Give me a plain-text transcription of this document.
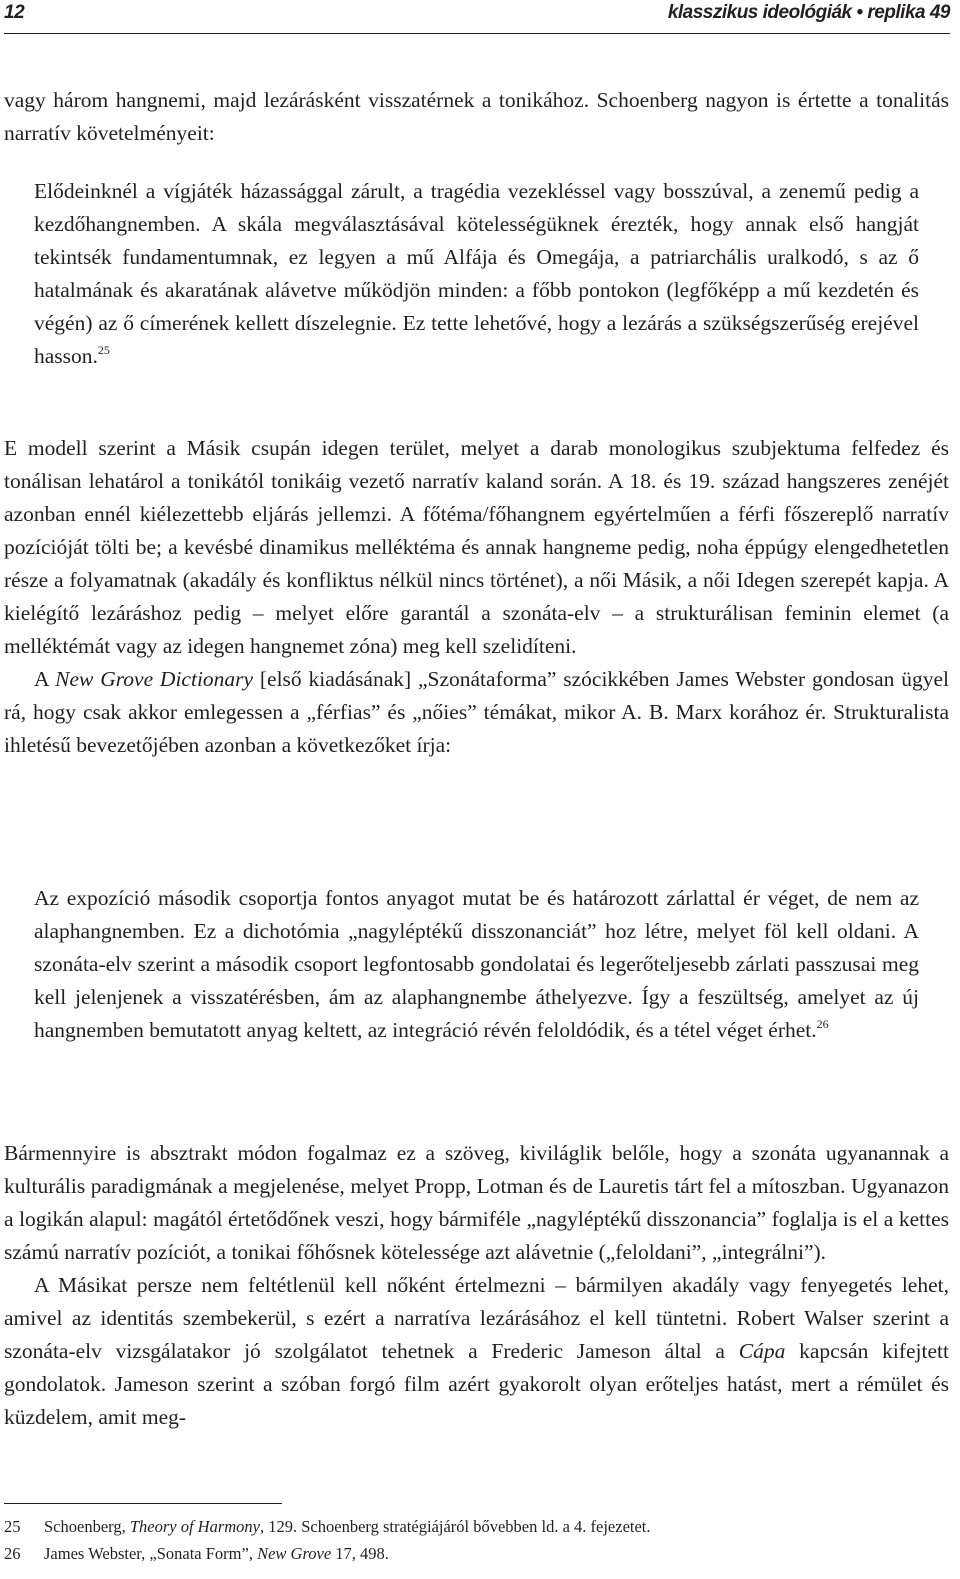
12	klasszikus ideológiák • replika 49

vagy három hangnemi, majd lezárásként visszatérnek a tonikához. Schoenberg nagyon is értette a tonalitás narratív követelményeit:

Elődeinknél a vígjáték házassággal zárult, a tragédia vezekléssel vagy bosszúval, a zenemű pedig a kezdőhangnemben. A skála megválasztásával kötelességüknek érezték, hogy annak első hangját tekintsék fundamentumnak, ez legyen a mű Alfája és Omegája, a patriarchális uralkodó, s az ő hatalmának és akaratának alávetve működjön minden: a főbb pontokon (legfőképp a mű kezdetén és végén) az ő címerének kellett díszelegnie. Ez tette lehetővé, hogy a lezárás a szükségszerűség erejével hasson.$^{25}$

E modell szerint a Másik csupán idegen terület, melyet a darab monologikus szubjektuma felfedez és tonálisan lehatárol a tonikától tonikáig vezető narratív kaland során. A 18. és 19. század hangszeres zenéjét azonban ennél kiélezettebb eljárás jellemzi. A főtéma/főhangnem egyértelműen a férfi főszereplő narratív pozícióját tölti be; a kevésbé dinamikus melléktéma és annak hangneme pedig, noha éppúgy elengedhetetlen része a folyamatnak (akadály és konfliktus nélkül nincs történet), a női Másik, a női Idegen szerepét kapja. A kielégítő lezáráshoz pedig – melyet előre garantál a szonáta-elv – a strukturálisan feminin elemet (a melléktémát vagy az idegen hangnemet zóna) meg kell szelidíteni.

A New Grove Dictionary [első kiadásának] „Szonátaforma” szócikkében James Webster gondosan ügyel rá, hogy csak akkor emlegessen a „férfias” és „nőies” témákat, mikor A. B. Marx korához ér. Strukturalista ihletésű bevezetőjében azonban a következőket írja:

Az expozíció második csoportja fontos anyagot mutat be és határozott zárlattal ér véget, de nem az alaphangnemben. Ez a dichotómia „nagyléptékű disszonanciát” hoz létre, melyet föl kell oldani. A szonáta-elv szerint a második csoport legfontosabb gondolatai és legerőteljesebb zárlati passzusai meg kell jelenjenek a visszatérésben, ám az alaphangnembe áthelyezve. Így a feszültség, amelyet az új hangnemben bemutatott anyag keltett, az integráció révén feloldódik, és a tétel véget érhet.$^{26}$

Bármennyire is absztrakt módon fogalmaz ez a szöveg, kiviláglik belőle, hogy a szonáta ugyanannak a kulturális paradigmának a megjelenése, melyet Propp, Lotman és de Lauretis tárt fel a mítoszban. Ugyanazon a logikán alapul: magától értetődőnek veszi, hogy bármiféle „nagyléptékű disszonancia” foglalja is el a kettes számú narratív pozíciót, a tonikai főhősnek kötelessége azt alávetnie („feloldani”, „integrálni”).

A Másikat persze nem feltétlenül kell nőként értelmezni – bármilyen akadály vagy fenyegetés lehet, amivel az identitás szembekerül, s ezért a narratíva lezárásához el kell tüntetni. Robert Walser szerint a szonáta-elv vizsgálatakor jó szolgálatot tehetnek a Frederic Jameson által a Cápa kapcsán kifejtett gondolatok. Jameson szerint a szóban forgó film azért gyakorolt olyan erőteljes hatást, mert a rémület és küzdelem, amit meg-

25	Schoenberg, Theory of Harmony, 129. Schoenberg stratégiájáról bővebben ld. a 4. fejezetet.
26	James Webster, „Sonata Form”, New Grove 17, 498.
